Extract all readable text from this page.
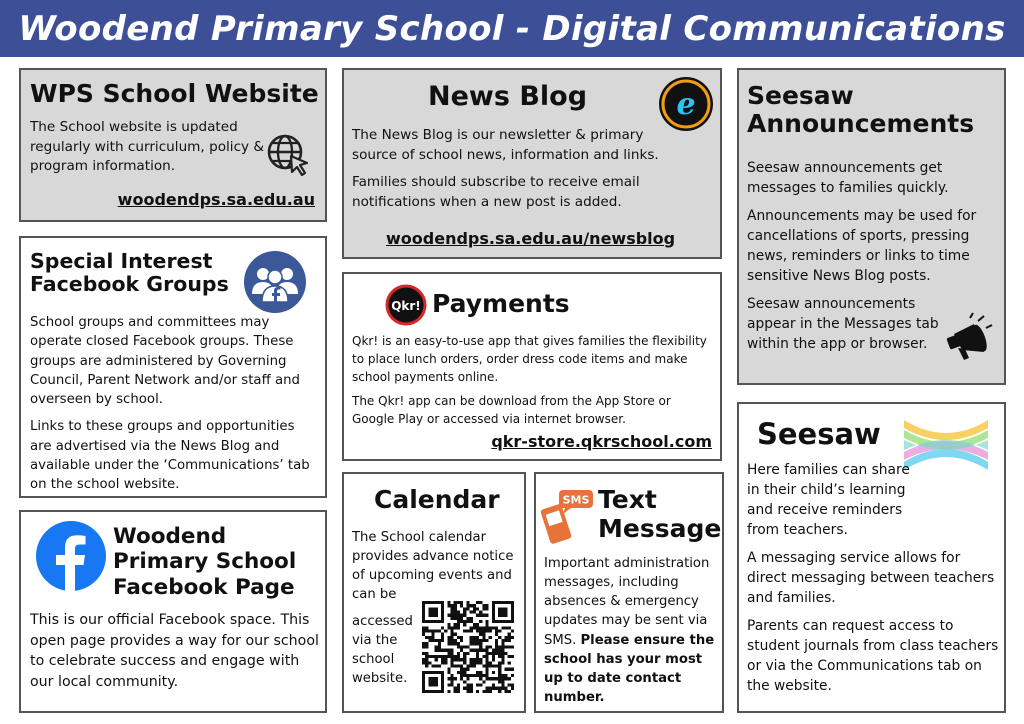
Woodend Primary School - Digital Communications
WPS School Website
The School website is updated regularly with curriculum, policy & program information.
woodendps.sa.edu.au
Special Interest Facebook Groups

School groups and committees may operate closed Facebook groups. These groups are administered by Governing Council, Parent Network and/or staff and overseen by school.

Links to these groups and opportunities are advertised via the News Blog and available under the ‘Communications’ tab on the school website.

Woodend Primary School Facebook Page
This is our official Facebook space. This open page provides a way for our school to celebrate success and engage with our local community.
News Blog	e

The News Blog is our newsletter & primary source of school news, information and links.

Families should subscribe to receive email notifications when a new post is added.

woodendps.sa.edu.au/newsblog
Qkr! Payments

Qkr! is an easy-to-use app that gives families the flexibility to place lunch orders, order dress code items and make school payments online.

The Qkr! app can be download from the App Store or Google Play or accessed via internet browser.

qkr-store.qkrschool.com
Calendar
The School calendar provides advance notice of upcoming events and can be
accessed via the school website.
SMS Text Message
Important administration messages, including absences & emergency updates may be sent via SMS. Please ensure the school has your most up to date contact number.
Seesaw Announcements

Seesaw announcements get messages to families quickly.

Announcements may be used for cancellations of sports, pressing news, reminders or links to time sensitive News Blog posts.

Seesaw announcements appear in the Messages tab within the app or browser.

Seesaw

Here families can share in their child’s learning and receive reminders from teachers.

A messaging service allows for direct messaging between teachers and families.

Parents can request access to student journals from class teachers or via the Communications tab on the website.
